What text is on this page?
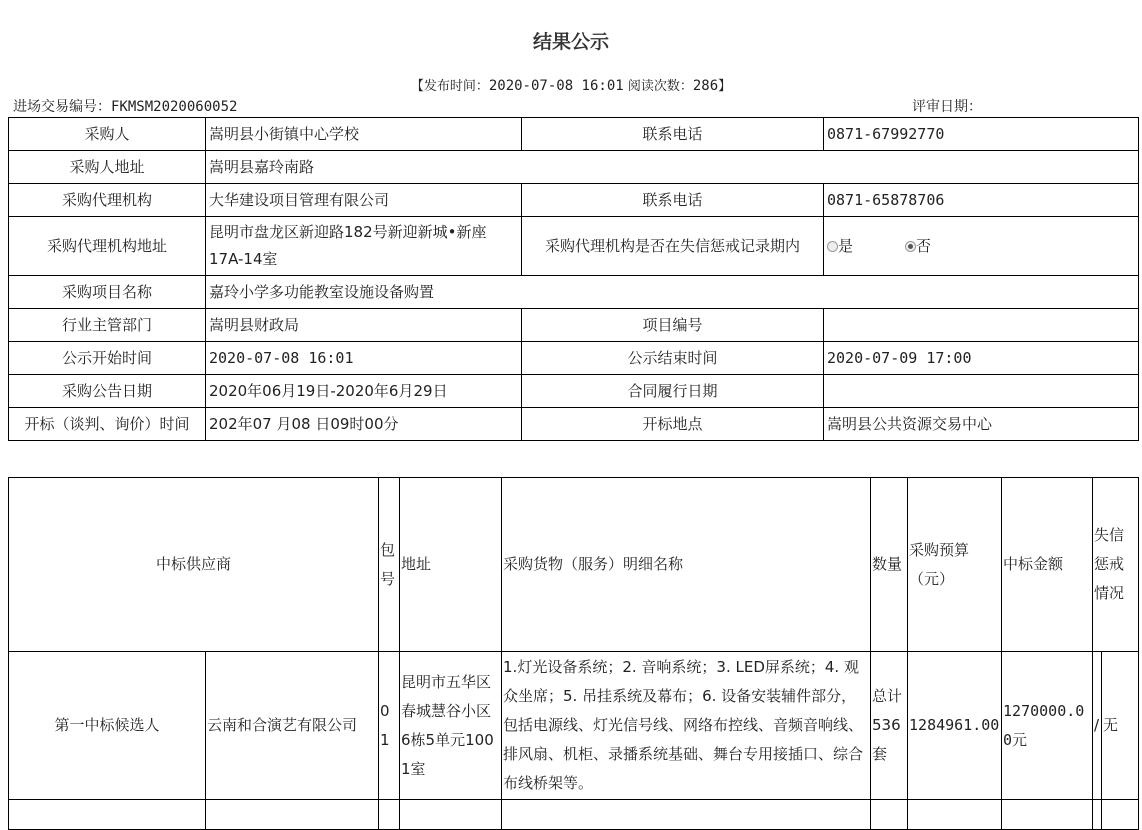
结果公示
【发布时间：2020-07-08 16:01 阅读次数：286】
进场交易编号：FKMSM2020060052	评审日期：
采购人	嵩明县小街镇中心学校	联系电话	0871-67992770
采购人地址	嵩明县嘉玲南路		
采购代理机构	大华建设项目管理有限公司	联系电话	0871-65878706
采购代理机构地址	昆明市盘龙区新迎路182号新迎新城•新座17A-14室	采购代理机构是否在失信惩戒记录期内	是 否
采购项目名称	嘉玲小学多功能教室设施设备购置		
行业主管部门	嵩明县财政局	项目编号	
公示开始时间	2020-07-08 16:01	公示结束时间	2020-07-09 17:00
采购公告日期	2020年06月19日-2020年6月29日	合同履行日期	
开标（谈判、询价）时间	202年07 月08 日09时00分	开标地点	嵩明县公共资源交易中心
中标供应商		包号	地址	采购货物（服务）明细名称	数量	采购预算（元）	中标金额	失信惩戒情况	
第一中标候选人	云南和合演艺有限公司	01	昆明市五华区春城慧谷小区6栋5单元1001室	1.灯光设备系统；2. 音响系统；3. LED屏系统；4. 观众坐席；5. 吊挂系统及幕布；6. 设备安装辅件部分，包括电源线、灯光信号线、网络布控线、音频音响线、排风扇、机柜、录播系统基础、舞台专用接插口、综合布线桥架等。	总计536套	1284961.00	1270000.00元	/	无
